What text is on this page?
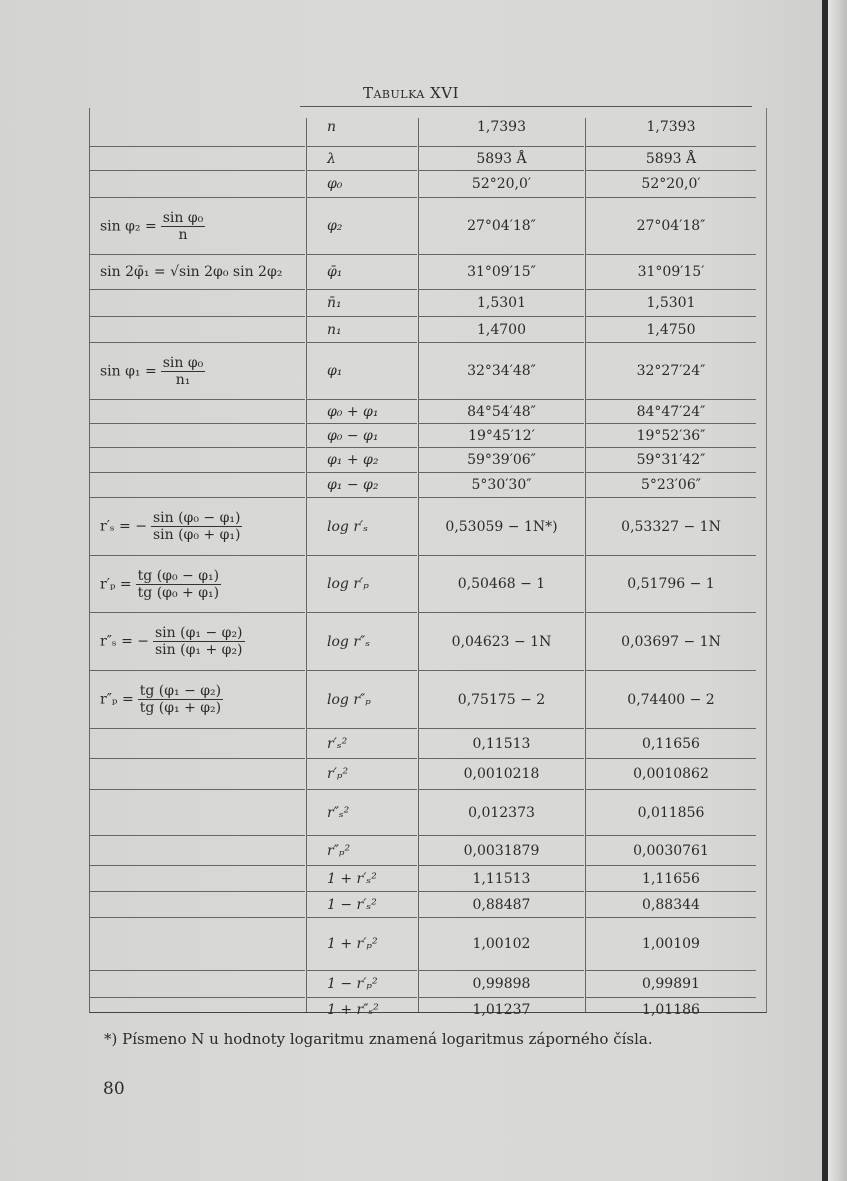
Tabulka XVI
$\sin \varphi_2 = \frac{\text{sin φ₀}}{n}$
sin 2φ̄₁ = √sin 2φ₀ sin 2φ₂
$\sin \varphi_1 = \frac{\text{sin φ₀}}{\text{n₁}}$
r′ₛ = − $\frac{\text{sin (φ₀ − φ₁)}}{\text{sin (φ₀ + φ₁)}}$
$r'_p = \frac{\text{tg (φ₀ − φ₁)}}{\text{tg (φ₀ + φ₁)}}$
r″ₛ = − $\frac{\text{sin (φ₁ − φ₂)}}{\text{sin (φ₁ + φ₂)}}$
$r''_p = \frac{\text{tg (φ₁ − φ₂)}}{\text{tg (φ₁ + φ₂)}}$
n
λ
φ₀
φ₂
φ̄₁
n̄₁
n₁
φ₁
φ₀ + φ₁
φ₀ − φ₁
φ₁ + φ₂
φ₁ − φ₂
log r′ₛ
log r′ₚ
log r″ₛ
log r″ₚ
r′ₛ²
r′ₚ²
r″ₛ²
r″ₚ²
1 + r′ₛ²
1 − r′ₛ²
1 + r′ₚ²
1 − r′ₚ²
1 + r″ₛ²
1,7393
5893 Å
52°20,0′
27°04′18″
31°09′15″
1,5301
1,4700
32°34′48″
84°54′48″
19°45′12′
59°39′06″
5°30′30″
0,53059 − 1N*)
0,50468 − 1
0,04623 − 1N
0,75175 − 2
0,11513
0,0010218
0,012373
0,0031879
1,11513
0,88487
1,00102
0,99898
1,01237
1,7393
5893 Å
52°20,0′
27°04′18″
31°09′15′
1,5301
1,4750
32°27′24″
84°47′24″
19°52′36″
59°31′42″
5°23′06″
0,53327 − 1N
0,51796 − 1
0,03697 − 1N
0,74400 − 2
0,11656
0,0010862
0,011856
0,0030761
1,11656
0,88344
1,00109
0,99891
1,01186
*) Písmeno N u hodnoty logaritmu znamená logaritmus záporného čísla.
80
